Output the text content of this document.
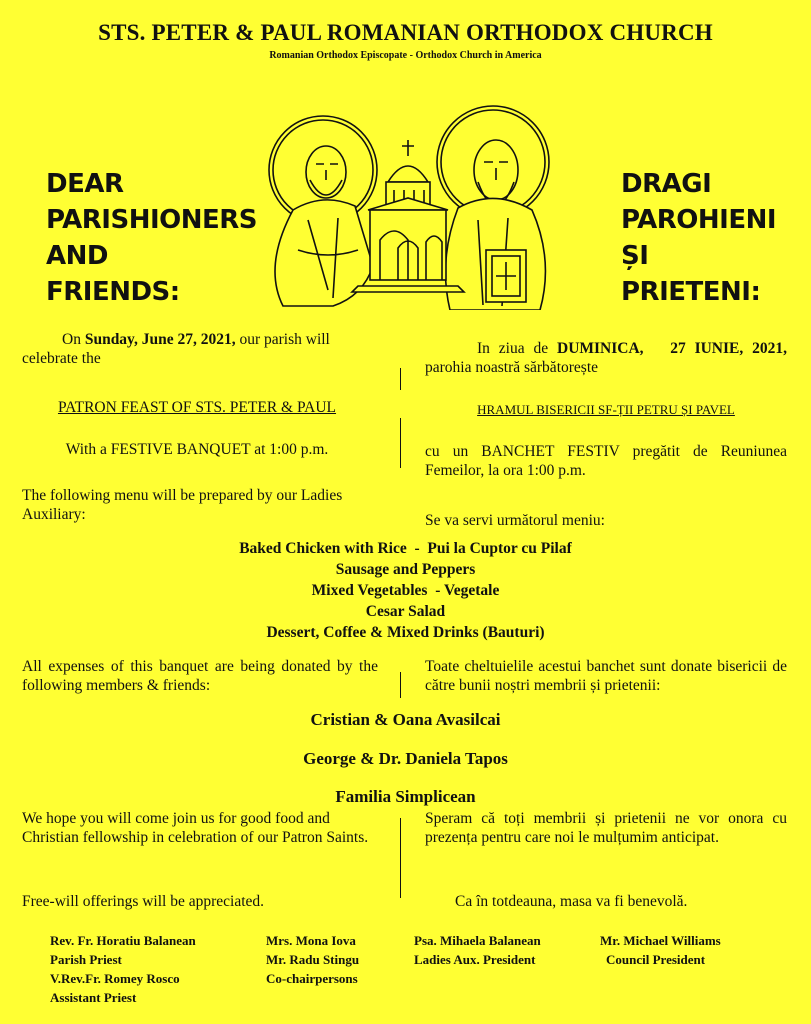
STS. PETER & PAUL ROMANIAN ORTHODOX CHURCH
Romanian Orthodox Episcopate - Orthodox Church in America
DEAR
PARISHIONERS
AND
FRIENDS:
DRAGI
PAROHIENI
ȘI
PRIETENI:

On Sunday, June 27, 2021, our parish will celebrate the

PATRON FEAST OF STS. PETER & PAUL
With a FESTIVE BANQUET at 1:00 p.m.
The following menu will be prepared by our Ladies Auxiliary:
All expenses of this banquet are being donated by the following members & friends:
We hope you will come join us for good food and Christian fellowship in celebration of our Patron Saints.
Free-will offerings will be appreciated.

In ziua de DUMINICA, 27 IUNIE, 2021, parohia noastră sărbătorește

HRAMUL BISERICII SF-ȚII PETRU ȘI PAVEL
cu un BANCHET FESTIV pregătit de Reuniunea Femeilor, la ora 1:00 p.m.
Se va servi următorul meniu:
Toate cheltuielile acestui banchet sunt donate bisericii de către bunii noștri membrii și prietenii:
Speram că toți membrii și prietenii ne vor onora cu prezența pentru care noi le mulțumim anticipat.
Ca în totdeauna, masa va fi benevolă.
Baked Chicken with Rice  -  Pui la Cuptor cu Pilaf
Sausage and Peppers
Mixed Vegetables  - Vegetale
Cesar Salad
Dessert, Coffee & Mixed Drinks (Bauturi)
Cristian & Oana Avasilcai
George & Dr. Daniela Tapos
Familia Simplicean
Rev. Fr. Horatiu Balanean
Parish Priest
V.Rev.Fr. Romey Rosco
Assistant Priest
Mrs. Mona Iova
Mr. Radu Stingu
Co-chairpersons
Psa. Mihaela Balanean
Ladies Aux. President
Mr. Michael Williams
Council President
